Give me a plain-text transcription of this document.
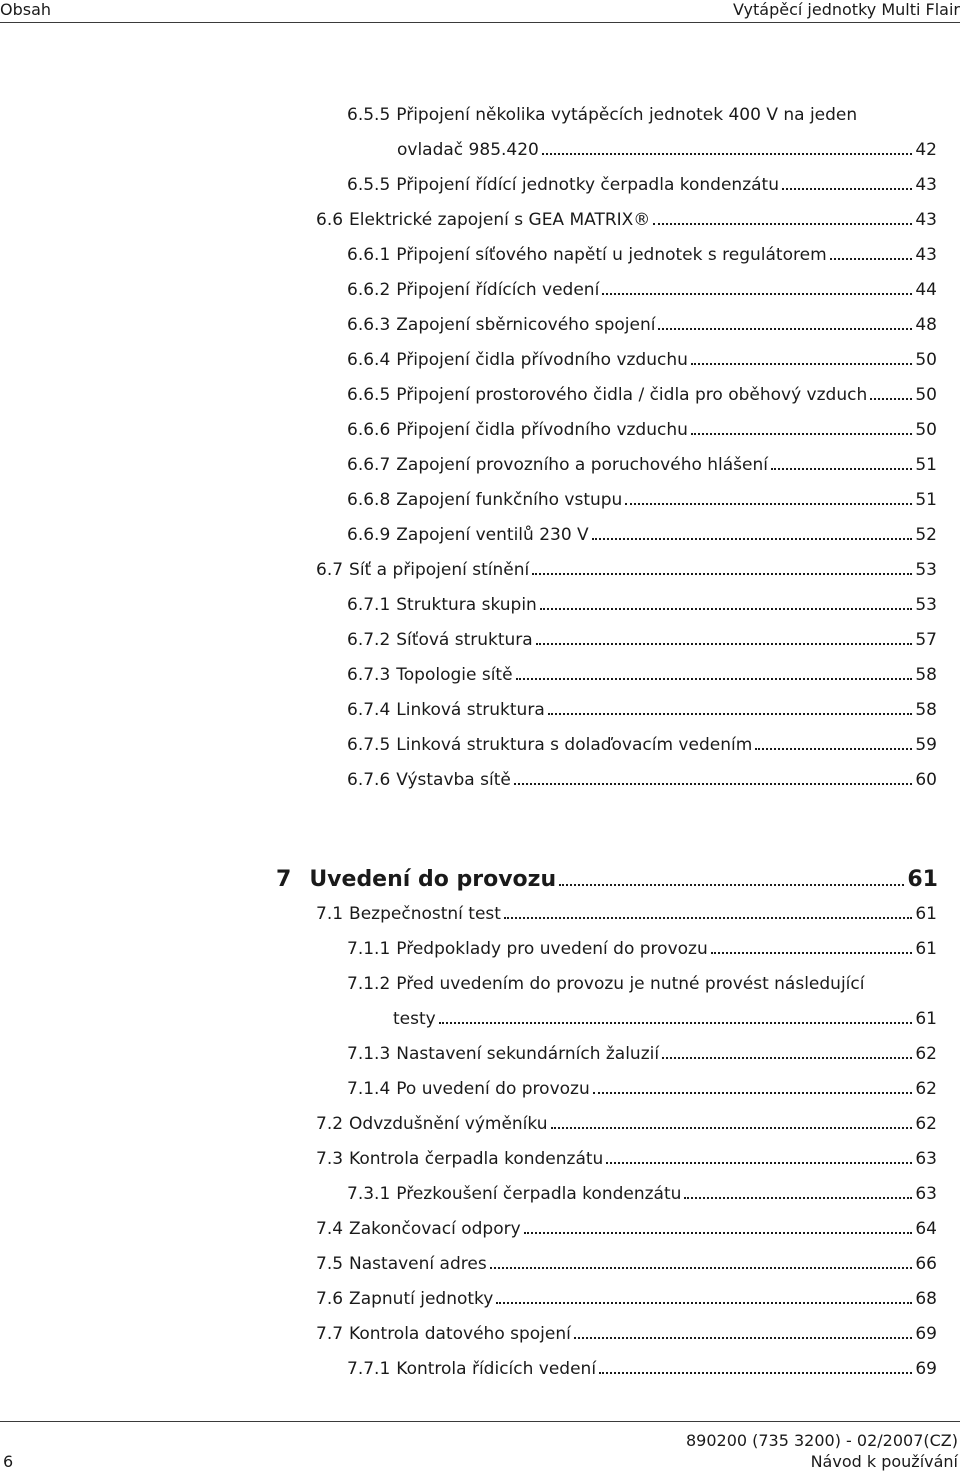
Obsah	Vytápěcí jednotky Multi Flair
6.5.5 Připojení několika vytápěcích jednotek 400 V na jeden
ovladač 985.420	42
6.5.5 Připojení řídící jednotky čerpadla kondenzátu	43
6.6 Elektrické zapojení s GEA MATRIX®	43
6.6.1 Připojení síťového napětí u jednotek s regulátorem	43
6.6.2 Připojení řídících vedení	44
6.6.3 Zapojení sběrnicového spojení	48
6.6.4 Připojení čidla přívodního vzduchu	50
6.6.5 Připojení prostorového čidla / čidla pro oběhový vzduch	50
6.6.6 Připojení čidla přívodního vzduchu	50
6.6.7 Zapojení provozního a poruchového hlášení	51
6.6.8 Zapojení funkčního vstupu	51
6.6.9 Zapojení ventilů 230 V	52
6.7 Síť a připojení stínění	53
6.7.1 Struktura skupin	53
6.7.2 Síťová struktura	57
6.7.3 Topologie sítě	58
6.7.4 Linková struktura	58
6.7.5 Linková struktura s dolaďovacím vedením	59
6.7.6 Výstavba sítě	60
7 Uvedení do provozu	61
7.1 Bezpečnostní test	61
7.1.1 Předpoklady pro uvedení do provozu	61
7.1.2 Před uvedením do provozu je nutné provést následující
testy	61
7.1.3 Nastavení sekundárních žaluzií	62
7.1.4 Po uvedení do provozu	62
7.2 Odvzdušnění výměníku	62
7.3 Kontrola čerpadla kondenzátu	63
7.3.1 Přezkoušení čerpadla kondenzátu	63
7.4 Zakončovací odpory	64
7.5 Nastavení adres	66
7.6 Zapnutí jednotky	68
7.7 Kontrola datového spojení	69
7.7.1 Kontrola řídicích vedení	69
6
890200 (735 3200) - 02/2007(CZ)
Návod k používání
